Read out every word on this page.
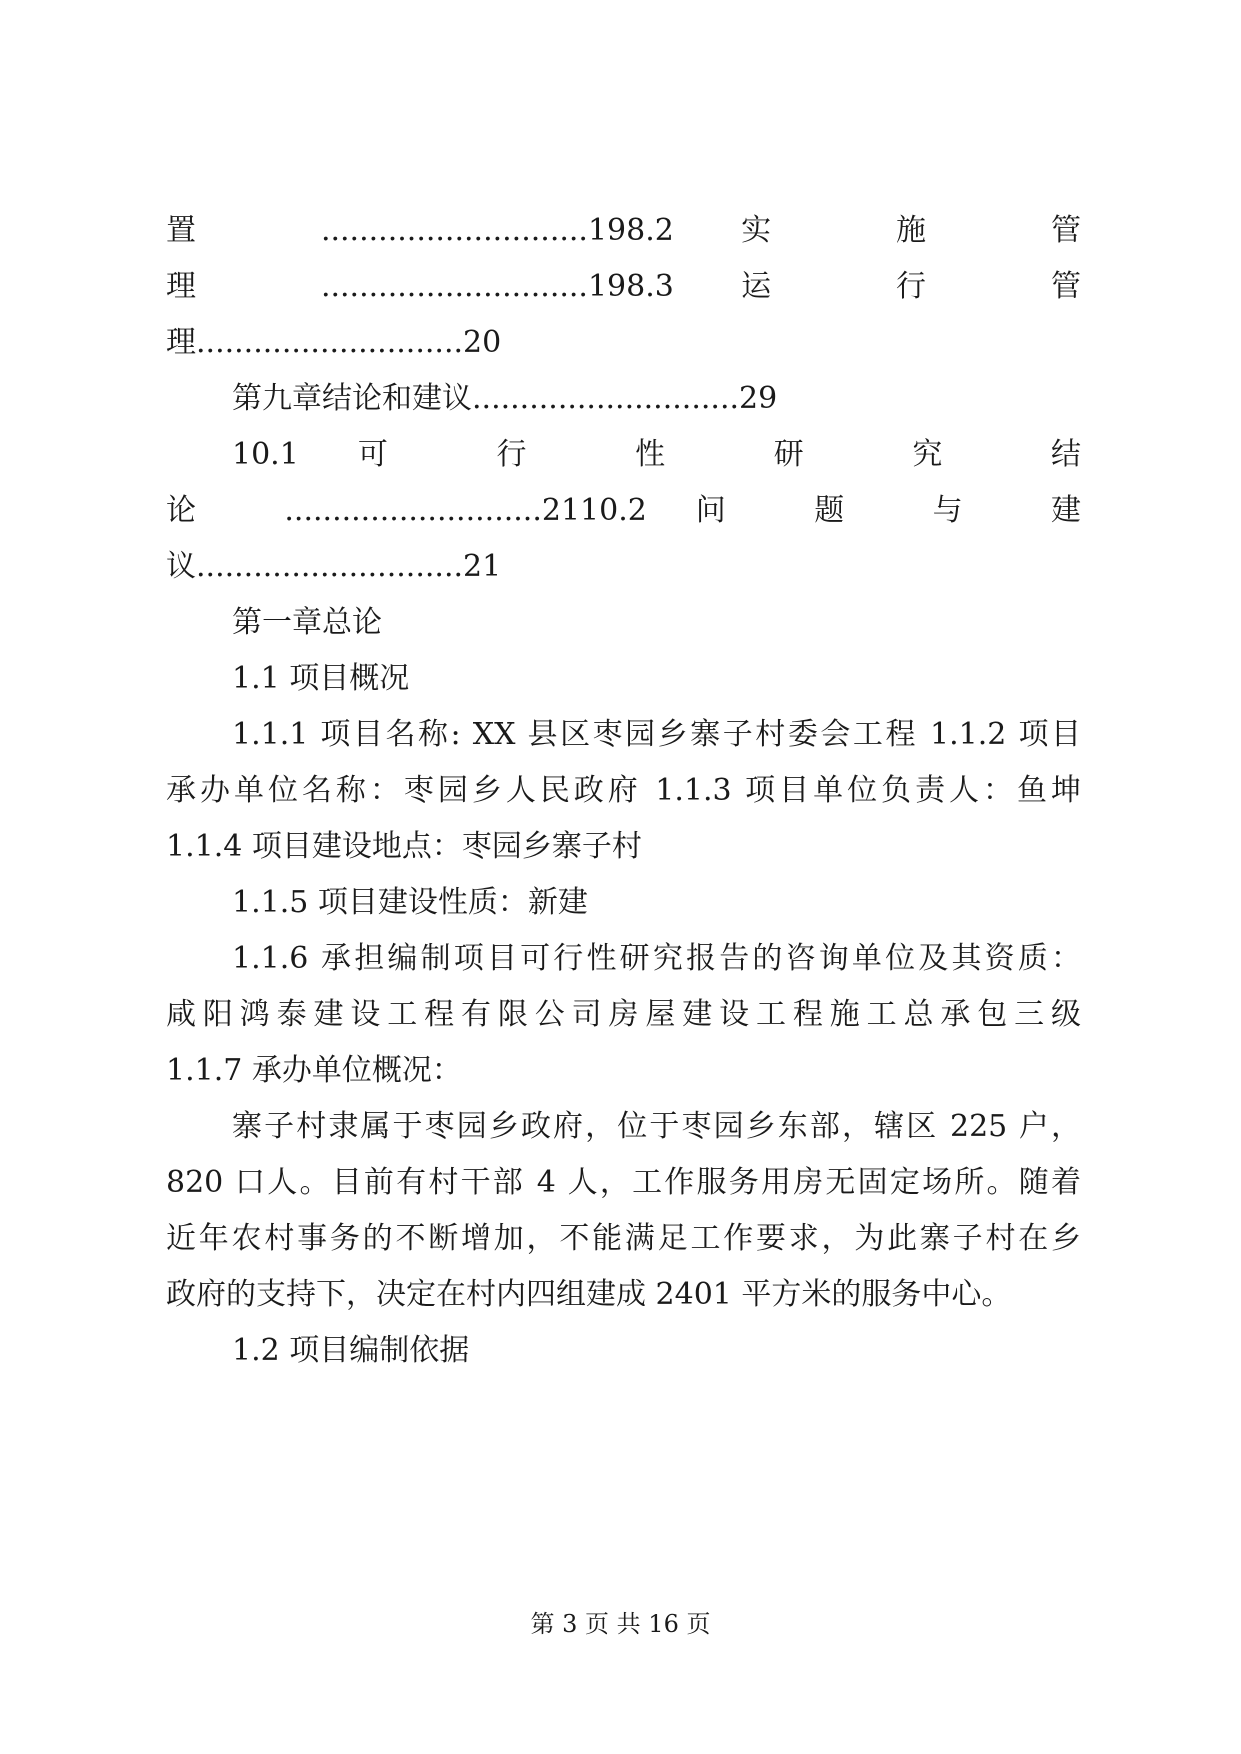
置 ............................198.2 实 施 管
理 ............................198.3 运 行 管
理............................20
第九章结论和建议............................29
10.1 可 行 性 研 究 结
论 ...........................2110.2 问 题 与 建
议............................21
第一章总论
1.1 项目概况
1.1.1 项目名称: XX 县区枣园乡寨子村委会工程 1.1.2 项目
承办单位名称：枣园乡人民政府 1.1.3 项目单位负责人：鱼坤
1.1.4 项目建设地点：枣园乡寨子村
1.1.5 项目建设性质：新建
1.1.6 承担编制项目可行性研究报告的咨询单位及其资质：
咸阳鸿泰建设工程有限公司房屋建设工程施工总承包三级
1.1.7 承办单位概况：
寨子村隶属于枣园乡政府，位于枣园乡东部，辖区 225 户，
820 口人。目前有村干部 4 人，工作服务用房无固定场所。随着
近年农村事务的不断增加，不能满足工作要求，为此寨子村在乡
政府的支持下，决定在村内四组建成 2401 平方米的服务中心。
1.2 项目编制依据
第 3 页 共 16 页
